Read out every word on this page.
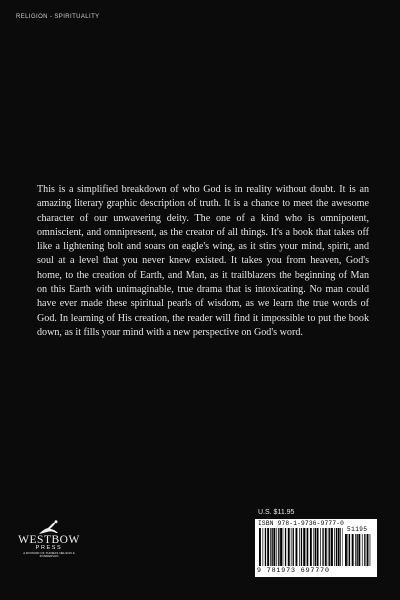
RELIGION - SPIRITUALITY

This is a simplified breakdown of who God is in reality without doubt. It is an amazing literary graphic description of truth. It is a chance to meet the awesome character of our unwavering deity. The one of a kind who is omnipotent, omniscient, and omnipresent, as the creator of all things. It's a book that takes off like a lightening bolt and soars on eagle's wing, as it stirs your mind, spirit, and soul at a level that you never knew existed. It takes you from heaven, God's home, to the creation of Earth, and Man, as it trailblazers the beginning of Man on this Earth with unimaginable, true drama that is intoxicating. No man could have ever made these spiritual pearls of wisdom, as we learn the true words of God. In learning of His creation, the reader will find it impossible to put the book down, as it fills your mind with a new perspective on God's word.

WESTBOW
PRESS
A DIVISION OF THOMAS NELSON & ZONDERVAN
U.S. $11.95
ISBN 978-1-9736-9777-0
51195
9 781973 697770
